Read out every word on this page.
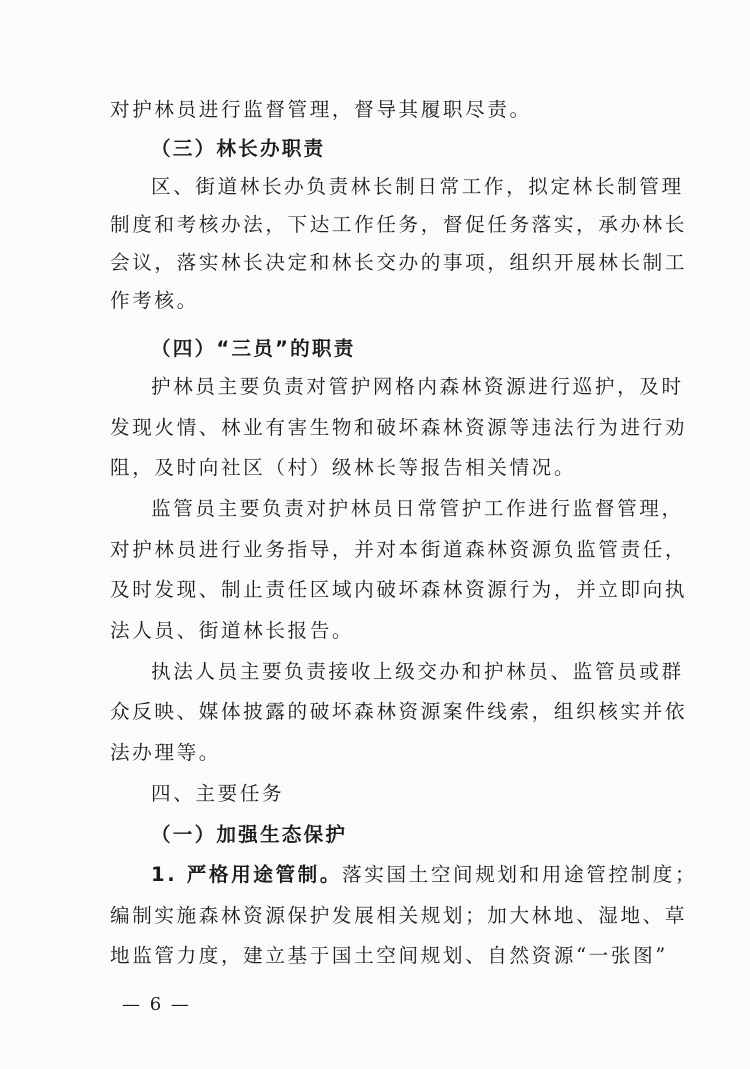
对护林员进行监督管理，督导其履职尽责。
（三）林长办职责
区、街道林长办负责林长制日常工作，拟定林长制管理
制度和考核办法，下达工作任务，督促任务落实，承办林长
会议，落实林长决定和林长交办的事项，组织开展林长制工
作考核。
（四）“三员”的职责
护林员主要负责对管护网格内森林资源进行巡护，及时
发现火情、林业有害生物和破坏森林资源等违法行为进行劝
阻，及时向社区（村）级林长等报告相关情况。
监管员主要负责对护林员日常管护工作进行监督管理，
对护林员进行业务指导，并对本街道森林资源负监管责任，
及时发现、制止责任区域内破坏森林资源行为，并立即向执
法人员、街道林长报告。
执法人员主要负责接收上级交办和护林员、监管员或群
众反映、媒体披露的破坏森林资源案件线索，组织核实并依
法办理等。
四、主要任务
（一）加强生态保护
1. 严格用途管制。落实国土空间规划和用途管控制度；
编制实施森林资源保护发展相关规划；加大林地、湿地、草
地监管力度，建立基于国土空间规划、自然资源“一张图”
— 6 —
